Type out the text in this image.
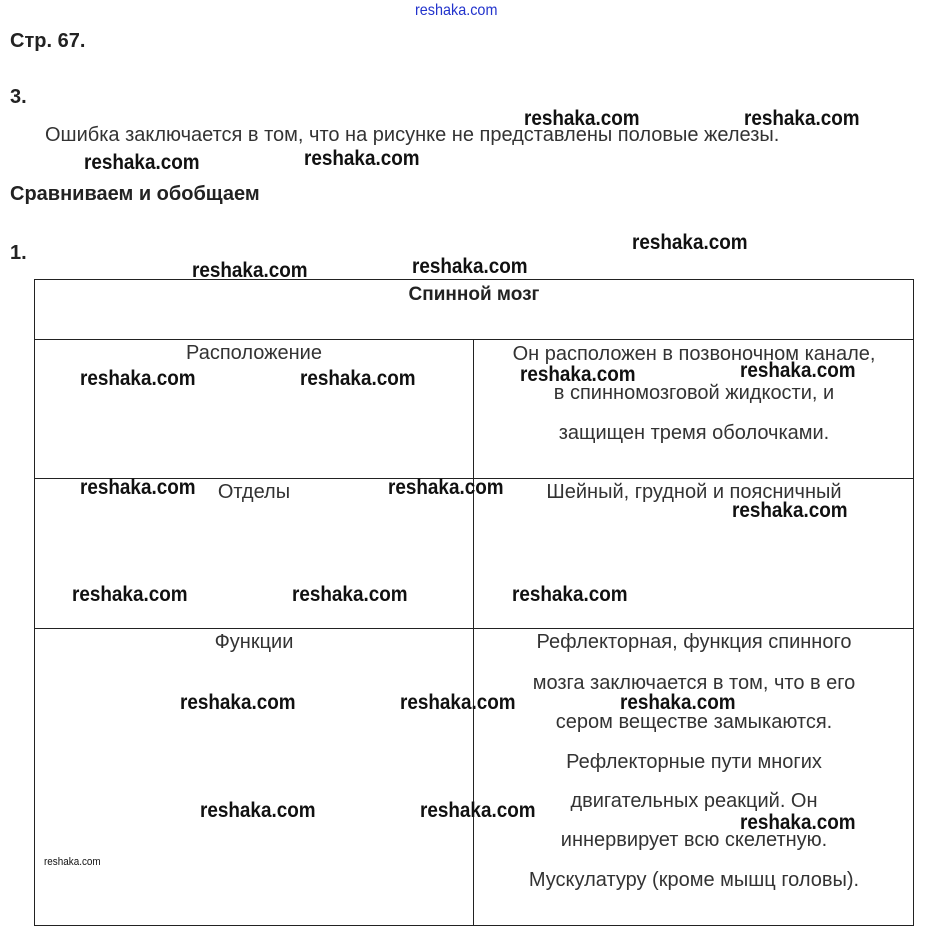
Стр. 67.
3.
Ошибка заключается в том, что на рисунке не представлены половые железы.
Сравниваем и обобщаем
1.
Спинной мозг
Расположение	Он расположен в позвоночном канале,
в спинномозговой жидкости, и
защищен тремя оболочками.
Отделы	Шейный, грудной и поясничный
Функции	Рефлекторная, функция спинного
мозга заключается в том, что в его
сером веществе замыкаются.
Рефлекторные пути многих
двигательных реакций. Он
иннервирует всю скелетную.
Мускулатуру (кроме мышц головы).
reshaka.com
reshaka.com	reshaka.com
reshaka.com	reshaka.com
reshaka.com
reshaka.com	reshaka.com
reshaka.com	reshaka.com	reshaka.com	reshaka.com
reshaka.com	reshaka.com
reshaka.com
reshaka.com	reshaka.com	reshaka.com
reshaka.com	reshaka.com	reshaka.com
reshaka.com	reshaka.com
reshaka.com
reshaka.com
